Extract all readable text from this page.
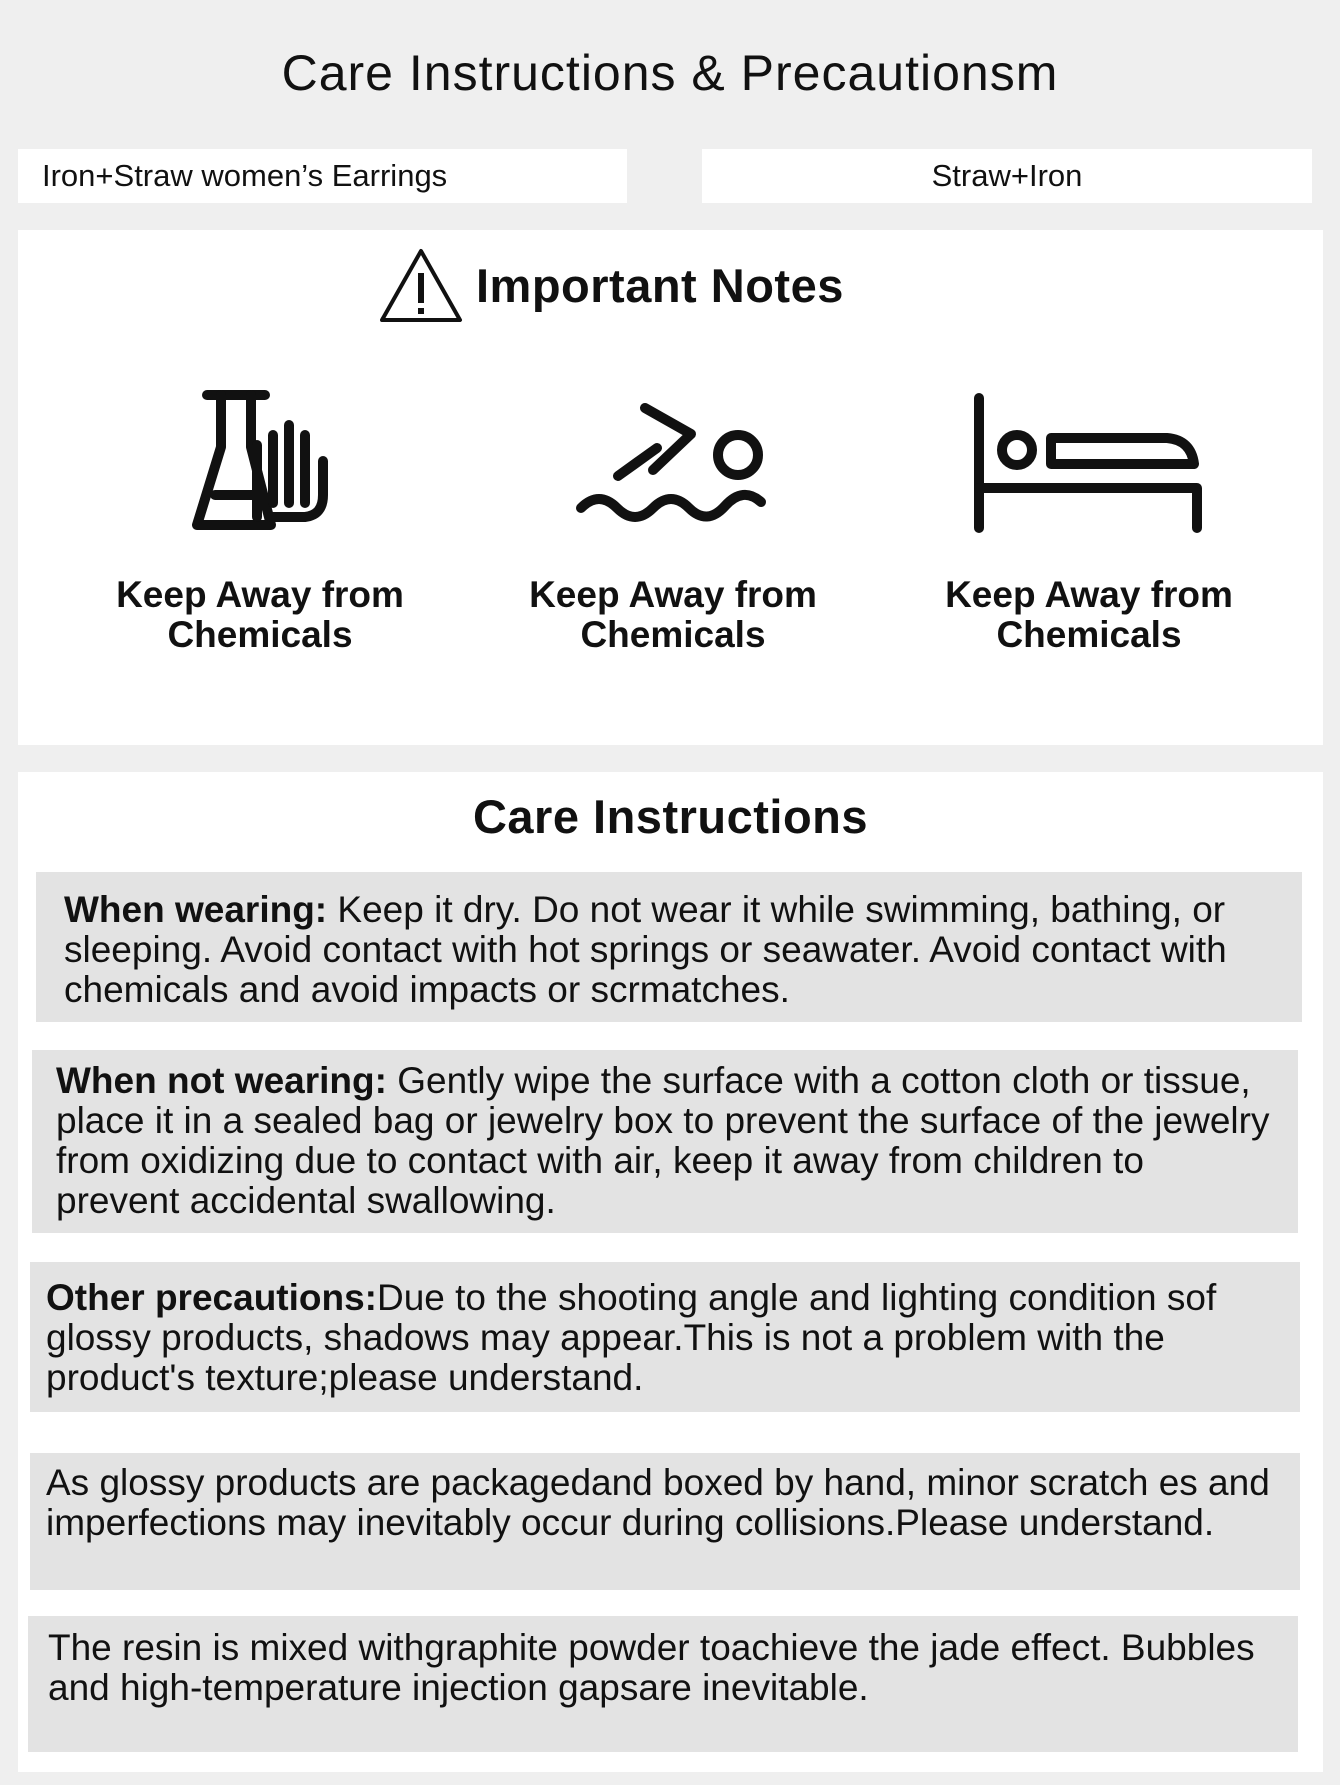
Care Instructions & Precautionsm
Iron+Straw women’s Earrings	Straw+Iron
Important Notes
Keep Away from
Chemicals
Keep Away from
Chemicals
Keep Away from
Chemicals
Care Instructions
When wearing: Keep it dry. Do not wear it while swimming, bathing, or sleeping. Avoid contact with hot springs or seawater. Avoid contact with chemicals and avoid impacts or scrmatches.
When not wearing: Gently wipe the surface with a cotton cloth or tissue, place it in a sealed bag or jewelry box to prevent the surface of the jewelry from oxidizing due to contact with air, keep it away from children to prevent accidental swallowing.
Other precautions:Due to the shooting angle and lighting condition sof glossy products, shadows may appear.This is not a problem with the product's texture;please understand.
As glossy products are packagedand boxed by hand, minor scratch es and imperfections may inevitably occur during collisions.Please understand.
The resin is mixed withgraphite powder toachieve the jade effect. Bubbles and high-temperature injection gapsare inevitable.
